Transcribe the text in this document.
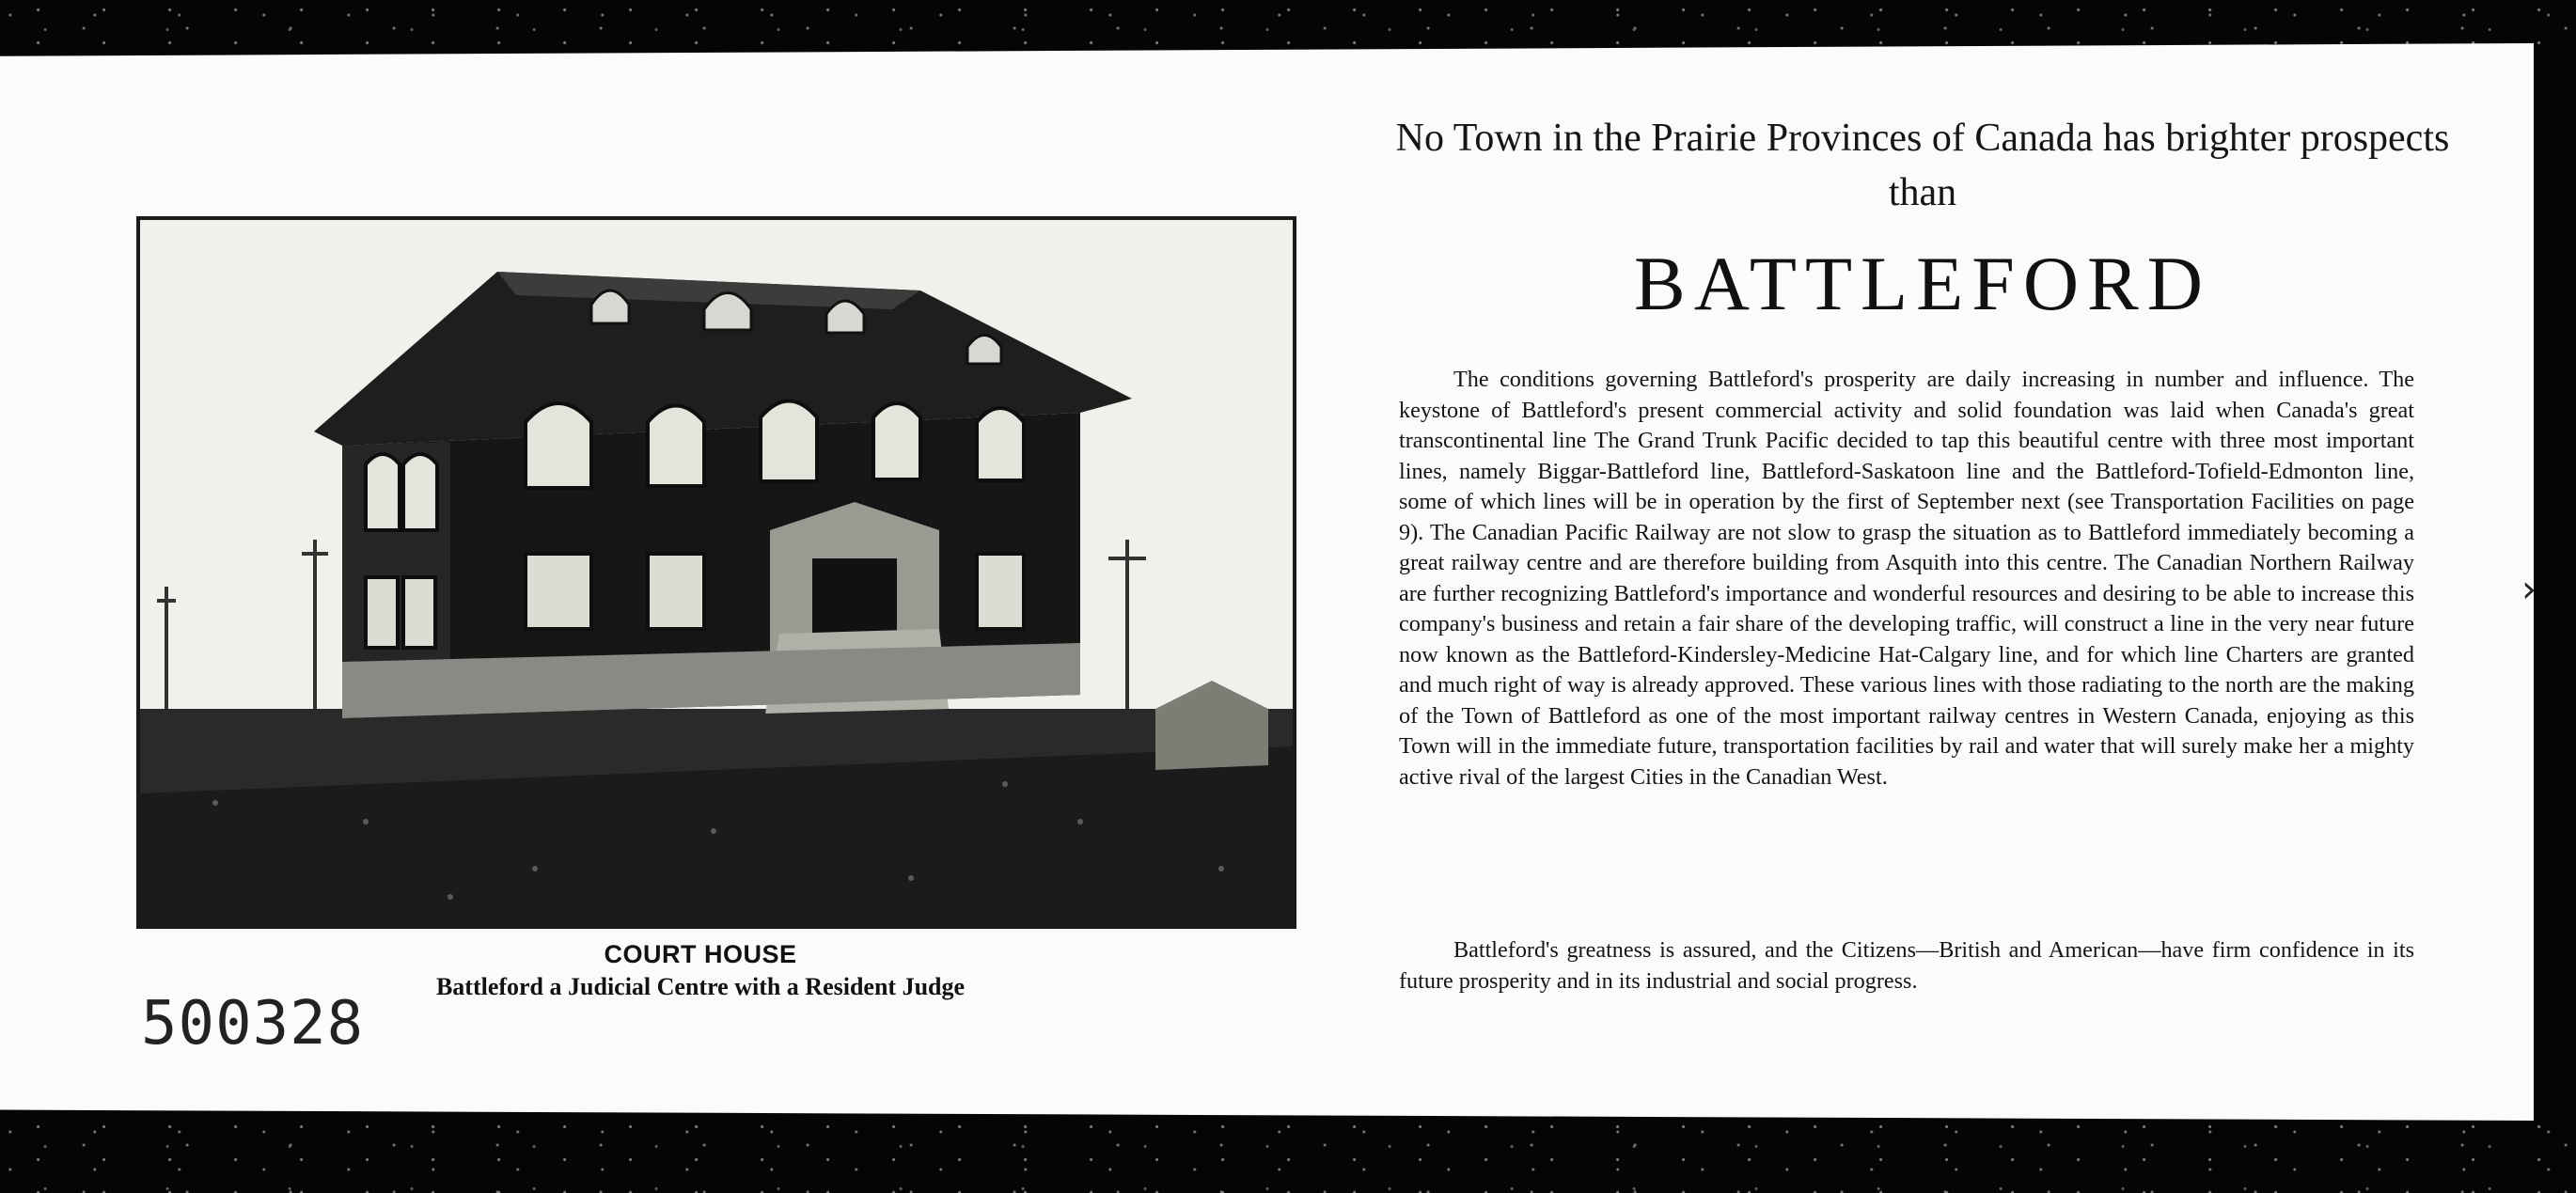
COURT HOUSE
Battleford a Judicial Centre with a Resident Judge
500328
No Town in the Prairie Provinces of Canada has brighter prospects than
BATTLEFORD

The conditions governing Battleford's prosperity are daily increasing in number and influence. The keystone of Battleford's present commercial activity and solid foundation was laid when Canada's great transcontinental line The Grand Trunk Pacific decided to tap this beautiful centre with three most important lines, namely Biggar-Battleford line, Battleford-Saskatoon line and the Battleford-Tofield-Edmonton line, some of which lines will be in operation by the first of September next (see Transportation Facilities on page 9). The Canadian Pacific Railway are not slow to grasp the situation as to Battleford immediately becoming a great railway centre and are therefore building from Asquith into this centre. The Canadian Northern Railway are further recognizing Battleford's importance and wonderful resources and desiring to be able to increase this company's business and retain a fair share of the developing traffic, will construct a line in the very near future now known as the Battleford-Kindersley-Medicine Hat-Calgary line, and for which line Charters are granted and much right of way is already approved. These various lines with those radiating to the north are the making of the Town of Battleford as one of the most important railway centres in Western Canada, enjoying as this Town will in the immediate future, transportation facilities by rail and water that will surely make her a mighty active rival of the largest Cities in the Canadian West.

Battleford's greatness is assured, and the Citizens—British and American—have firm confidence in its future prosperity and in its industrial and social progress.

›
